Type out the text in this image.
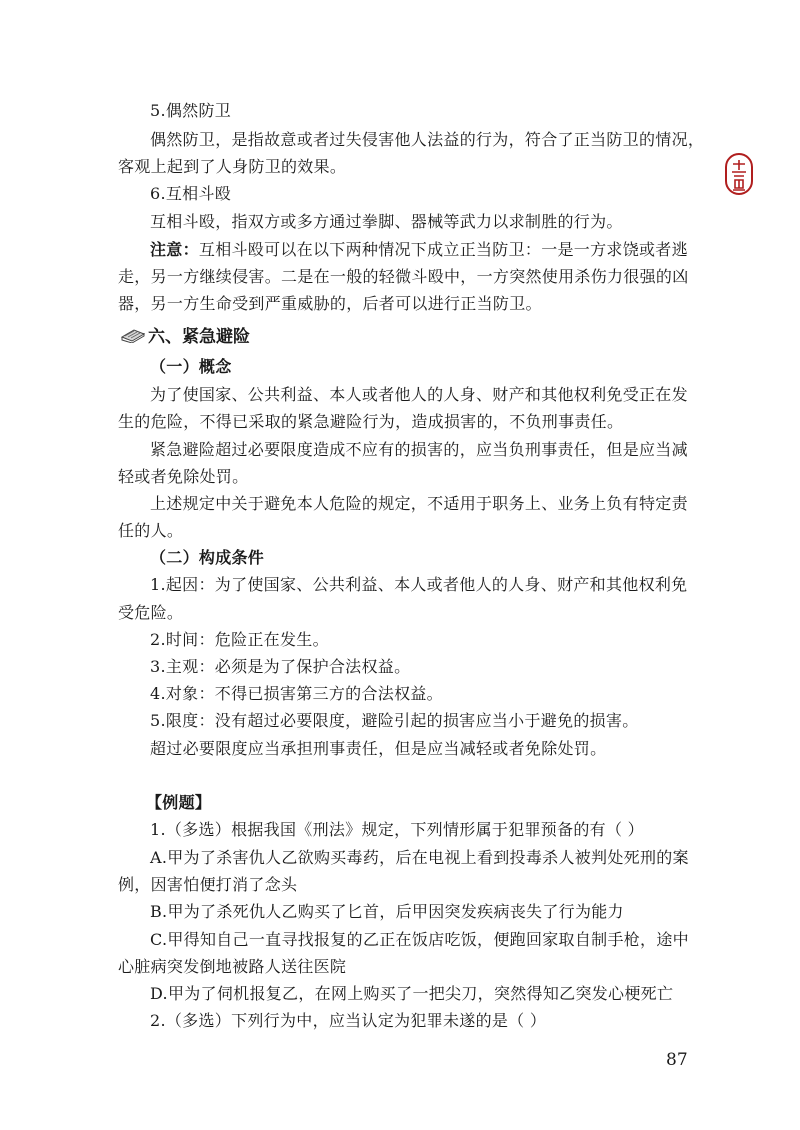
5.偶然防卫
偶然防卫，是指故意或者过失侵害他人法益的行为，符合了正当防卫的情况，
客观上起到了人身防卫的效果。
6.互相斗殴
互相斗殴，指双方或多方通过拳脚、器械等武力以求制胜的行为。
注意：互相斗殴可以在以下两种情况下成立正当防卫：一是一方求饶或者逃
走，另一方继续侵害。二是在一般的轻微斗殴中，一方突然使用杀伤力很强的凶
器，另一方生命受到严重威胁的，后者可以进行正当防卫。
六、紧急避险
（一）概念
为了使国家、公共利益、本人或者他人的人身、财产和其他权利免受正在发
生的危险，不得已采取的紧急避险行为，造成损害的，不负刑事责任。
紧急避险超过必要限度造成不应有的损害的，应当负刑事责任，但是应当减
轻或者免除处罚。
上述规定中关于避免本人危险的规定，不适用于职务上、业务上负有特定责
任的人。
（二）构成条件
1.起因：为了使国家、公共利益、本人或者他人的人身、财产和其他权利免
受危险。
2.时间：危险正在发生。
3.主观：必须是为了保护合法权益。
4.对象：不得已损害第三方的合法权益。
5.限度：没有超过必要限度，避险引起的损害应当小于避免的损害。
超过必要限度应当承担刑事责任，但是应当减轻或者免除处罚。
【例题】
1.（多选）根据我国《刑法》规定，下列情形属于犯罪预备的有（ ）
A.甲为了杀害仇人乙欲购买毒药，后在电视上看到投毒杀人被判处死刑的案
例，因害怕便打消了念头
B.甲为了杀死仇人乙购买了匕首，后甲因突发疾病丧失了行为能力
C.甲得知自己一直寻找报复的乙正在饭店吃饭，便跑回家取自制手枪，途中
心脏病突发倒地被路人送往医院
D.甲为了伺机报复乙，在网上购买了一把尖刀，突然得知乙突发心梗死亡
2.（多选）下列行为中，应当认定为犯罪未遂的是（ ）
87
